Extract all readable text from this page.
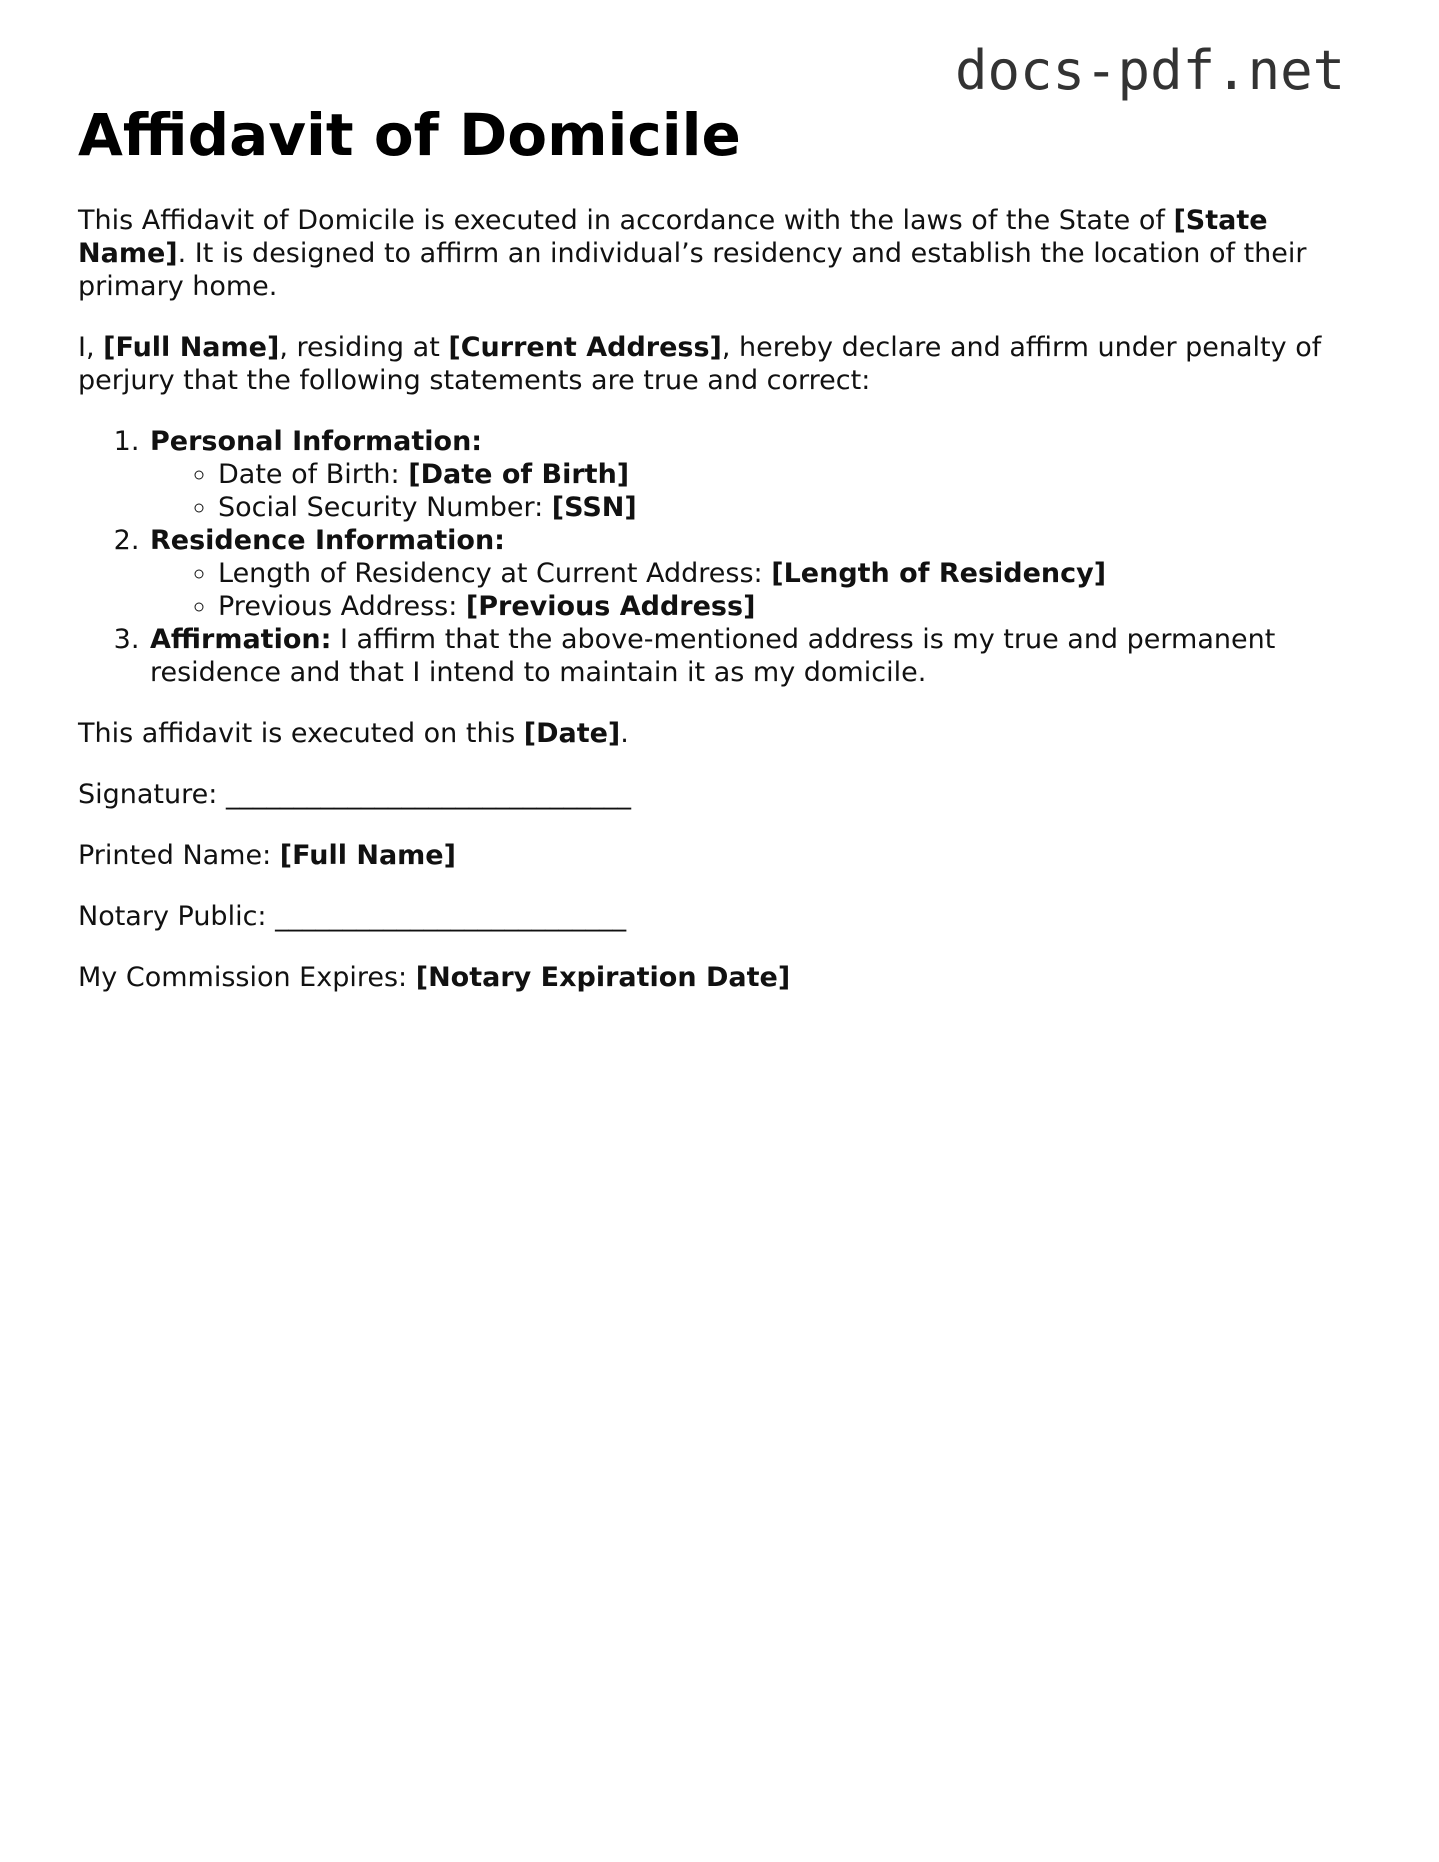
docs-pdf.net
Affidavit of Domicile

This Affidavit of Domicile is executed in accordance with the laws of the State of [State Name]. It is designed to affirm an individual’s residency and establish the location of their primary home.

I, [Full Name], residing at [Current Address], hereby declare and affirm under penalty of perjury that the following statements are true and correct:

1. Personal Information:
◦ Date of Birth: [Date of Birth]
◦ Social Security Number: [SSN]
2. Residence Information:
◦ Length of Residency at Current Address: [Length of Residency]
◦ Previous Address: [Previous Address]
3. Affirmation: I affirm that the above-mentioned address is my true and permanent residence and that I intend to maintain it as my domicile.

This affidavit is executed on this [Date].

Signature: ______________________________

Printed Name: [Full Name]

Notary Public: __________________________

My Commission Expires: [Notary Expiration Date]
